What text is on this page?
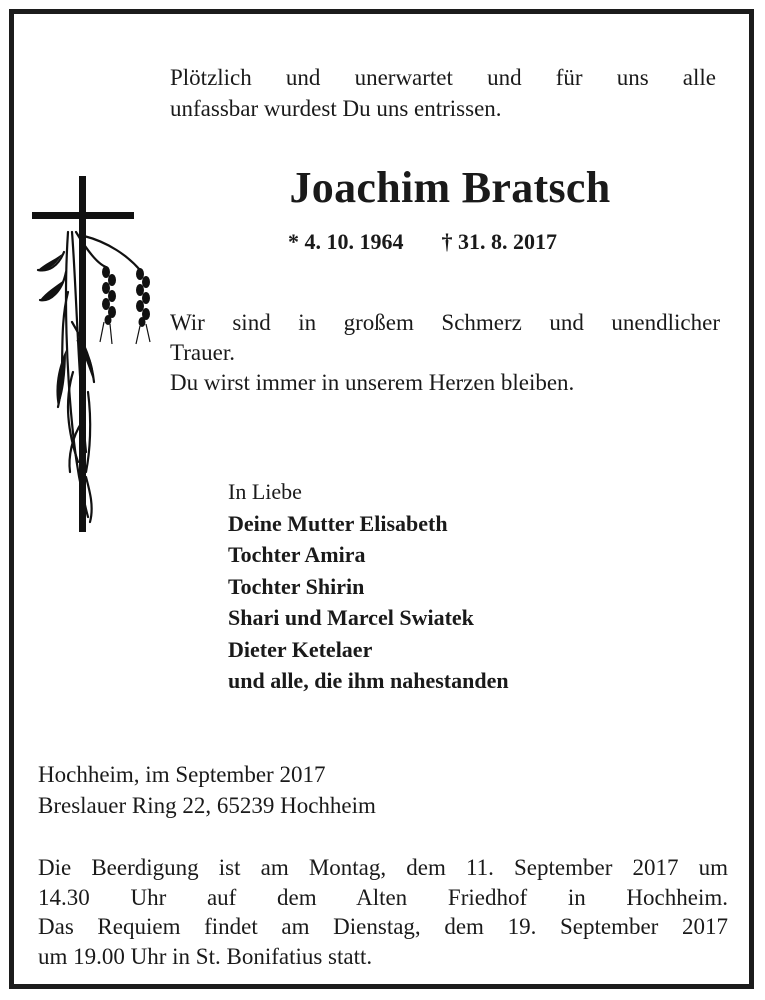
Plötzlich und unerwartet und für uns alle
unfassbar wurdest Du uns entrissen.

Joachim Bratsch
* 4. 10. 1964 † 31. 8. 2017

Wir sind in großem Schmerz und unendlicher
Trauer.
Du wirst immer in unserem Herzen bleiben.

In Liebe
Deine Mutter Elisabeth
Tochter Amira
Tochter Shirin
Shari und Marcel Swiatek
Dieter Ketelaer
und alle, die ihm nahestanden
Hochheim, im September 2017
Breslauer Ring 22, 65239 Hochheim

Die Beerdigung ist am Montag, dem 11. September 2017 um
14.30 Uhr auf dem Alten Friedhof in Hochheim.
Das Requiem findet am Dienstag, dem 19. September 2017
um 19.00 Uhr in St. Bonifatius statt.
